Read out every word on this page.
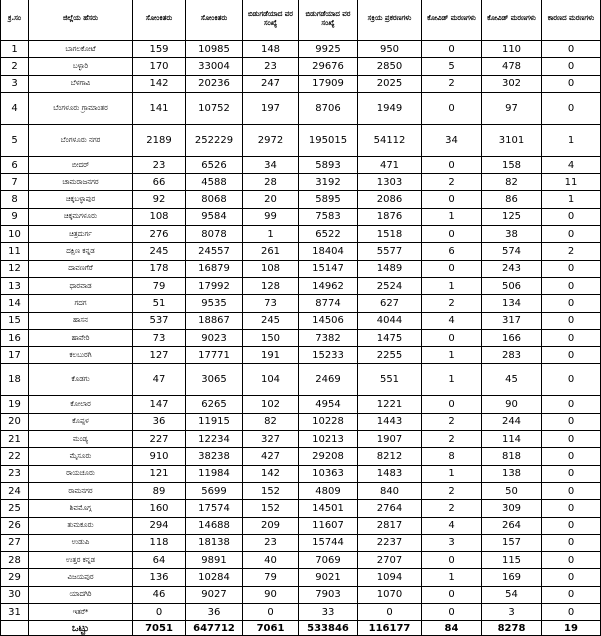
ಕ್ರ.ಸಂ	ಜಿಲ್ಲೆಯ ಹೆಸರು	ಸೋಂಕಿತರು	ಸೋಂಕಿತರು	ಬಿಡುಗಡೆಯಾದ ವರ ಸಂಖ್ಯೆ	ಬಿಡುಗಡೆಯಾದ ವರ ಸಂಖ್ಯೆ	ಸಕ್ರಿಯ ಪ್ರಕರಣಗಳು	ಕೋವಿಡ್ ಮರಣಗಳು	ಕೋವಿಡ್ ಮರಣಗಳು	ಕಾರಣದ ಮರಣಗಳು
1	ಬಾಗಲಕೋಟೆ	159	10985	148	9925	950	0	110	0
2	ಬಳ್ಳಾರಿ	170	33004	23	29676	2850	5	478	0
3	ಬೆಳಗಾವಿ	142	20236	247	17909	2025	2	302	0
4	ಬೆಂಗಳೂರು ಗ್ರಾಮಾಂತರ	141	10752	197	8706	1949	0	97	0
5	ಬೆಂಗಳೂರು ನಗರ	2189	252229	2972	195015	54112	34	3101	1
6	ಬೀದರ್	23	6526	34	5893	471	0	158	4
7	ಚಾಮರಾಜನಗರ	66	4588	28	3192	1303	2	82	11
8	ಚಿಕ್ಕಬಳ್ಳಾಪುರ	92	8068	20	5895	2086	0	86	1
9	ಚಿಕ್ಕಮಗಳೂರು	108	9584	99	7583	1876	1	125	0
10	ಚಿತ್ರದುರ್ಗ	276	8078	1	6522	1518	0	38	0
11	ದಕ್ಷಿಣ ಕನ್ನಡ	245	24557	261	18404	5577	6	574	2
12	ದಾವಣಗೆರೆ	178	16879	108	15147	1489	0	243	0
13	ಧಾರವಾಡ	79	17992	128	14962	2524	1	506	0
14	ಗದಗ	51	9535	73	8774	627	2	134	0
15	ಹಾಸನ	537	18867	245	14506	4044	4	317	0
16	ಹಾವೇರಿ	73	9023	150	7382	1475	0	166	0
17	ಕಲಬುರಗಿ	127	17771	191	15233	2255	1	283	0
18	ಕೊಡಗು	47	3065	104	2469	551	1	45	0
19	ಕೋಲಾರ	147	6265	102	4954	1221	0	90	0
20	ಕೊಪ್ಪಳ	36	11915	82	10228	1443	2	244	0
21	ಮಂಡ್ಯ	227	12234	327	10213	1907	2	114	0
22	ಮೈಸೂರು	910	38238	427	29208	8212	8	818	0
23	ರಾಯಚೂರು	121	11984	142	10363	1483	1	138	0
24	ರಾಮನಗರ	89	5699	152	4809	840	2	50	0
25	ಶಿವಮೊಗ್ಗ	160	17574	152	14501	2764	2	309	0
26	ತುಮಕೂರು	294	14688	209	11607	2817	4	264	0
27	ಉಡುಪಿ	118	18138	23	15744	2237	3	157	0
28	ಉತ್ತರ ಕನ್ನಡ	64	9891	40	7069	2707	0	115	0
29	ವಿಜಯಪುರ	136	10284	79	9021	1094	1	169	0
30	ಯಾದಗಿರಿ	46	9027	90	7903	1070	0	54	0
31	ಇತರೆ*	0	36	0	33	0	0	3	0
	ಒಟ್ಟು	7051	647712	7061	533846	116177	84	8278	19
